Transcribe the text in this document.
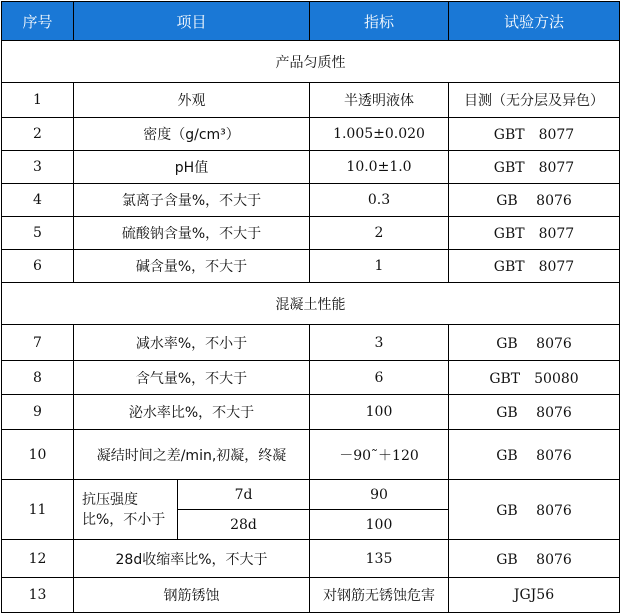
序号	项目		指标	试验方法
产品匀质性				
1	外观		半透明液体	目测（无分层及异色）
2	密度（g/cm³）		1.005±0.020	GBT　8077
3	pH值		10.0±1.0	GBT　8077
4	氯离子含量%，不大于		0.3	GB　 8076
5	硫酸钠含量%，不大于		2	GBT　8077
6	碱含量%，不大于		1	GBT　8077
混凝土性能				
7	减水率%，不小于		3	GB　 8076
8	含气量%，不大于		6	GBT　50080
9	泌水率比%，不大于		100	GB　 8076
10	凝结时间之差/min,初凝，终凝		－90˜＋120	GB　 8076
11	抗压强度比%，不小于	7d	90	GB　 8076
		28d	100	
12	28d收缩率比%，不大于		135	GB　 8076
13	钢筋锈蚀		对钢筋无锈蚀危害	JGJ56
